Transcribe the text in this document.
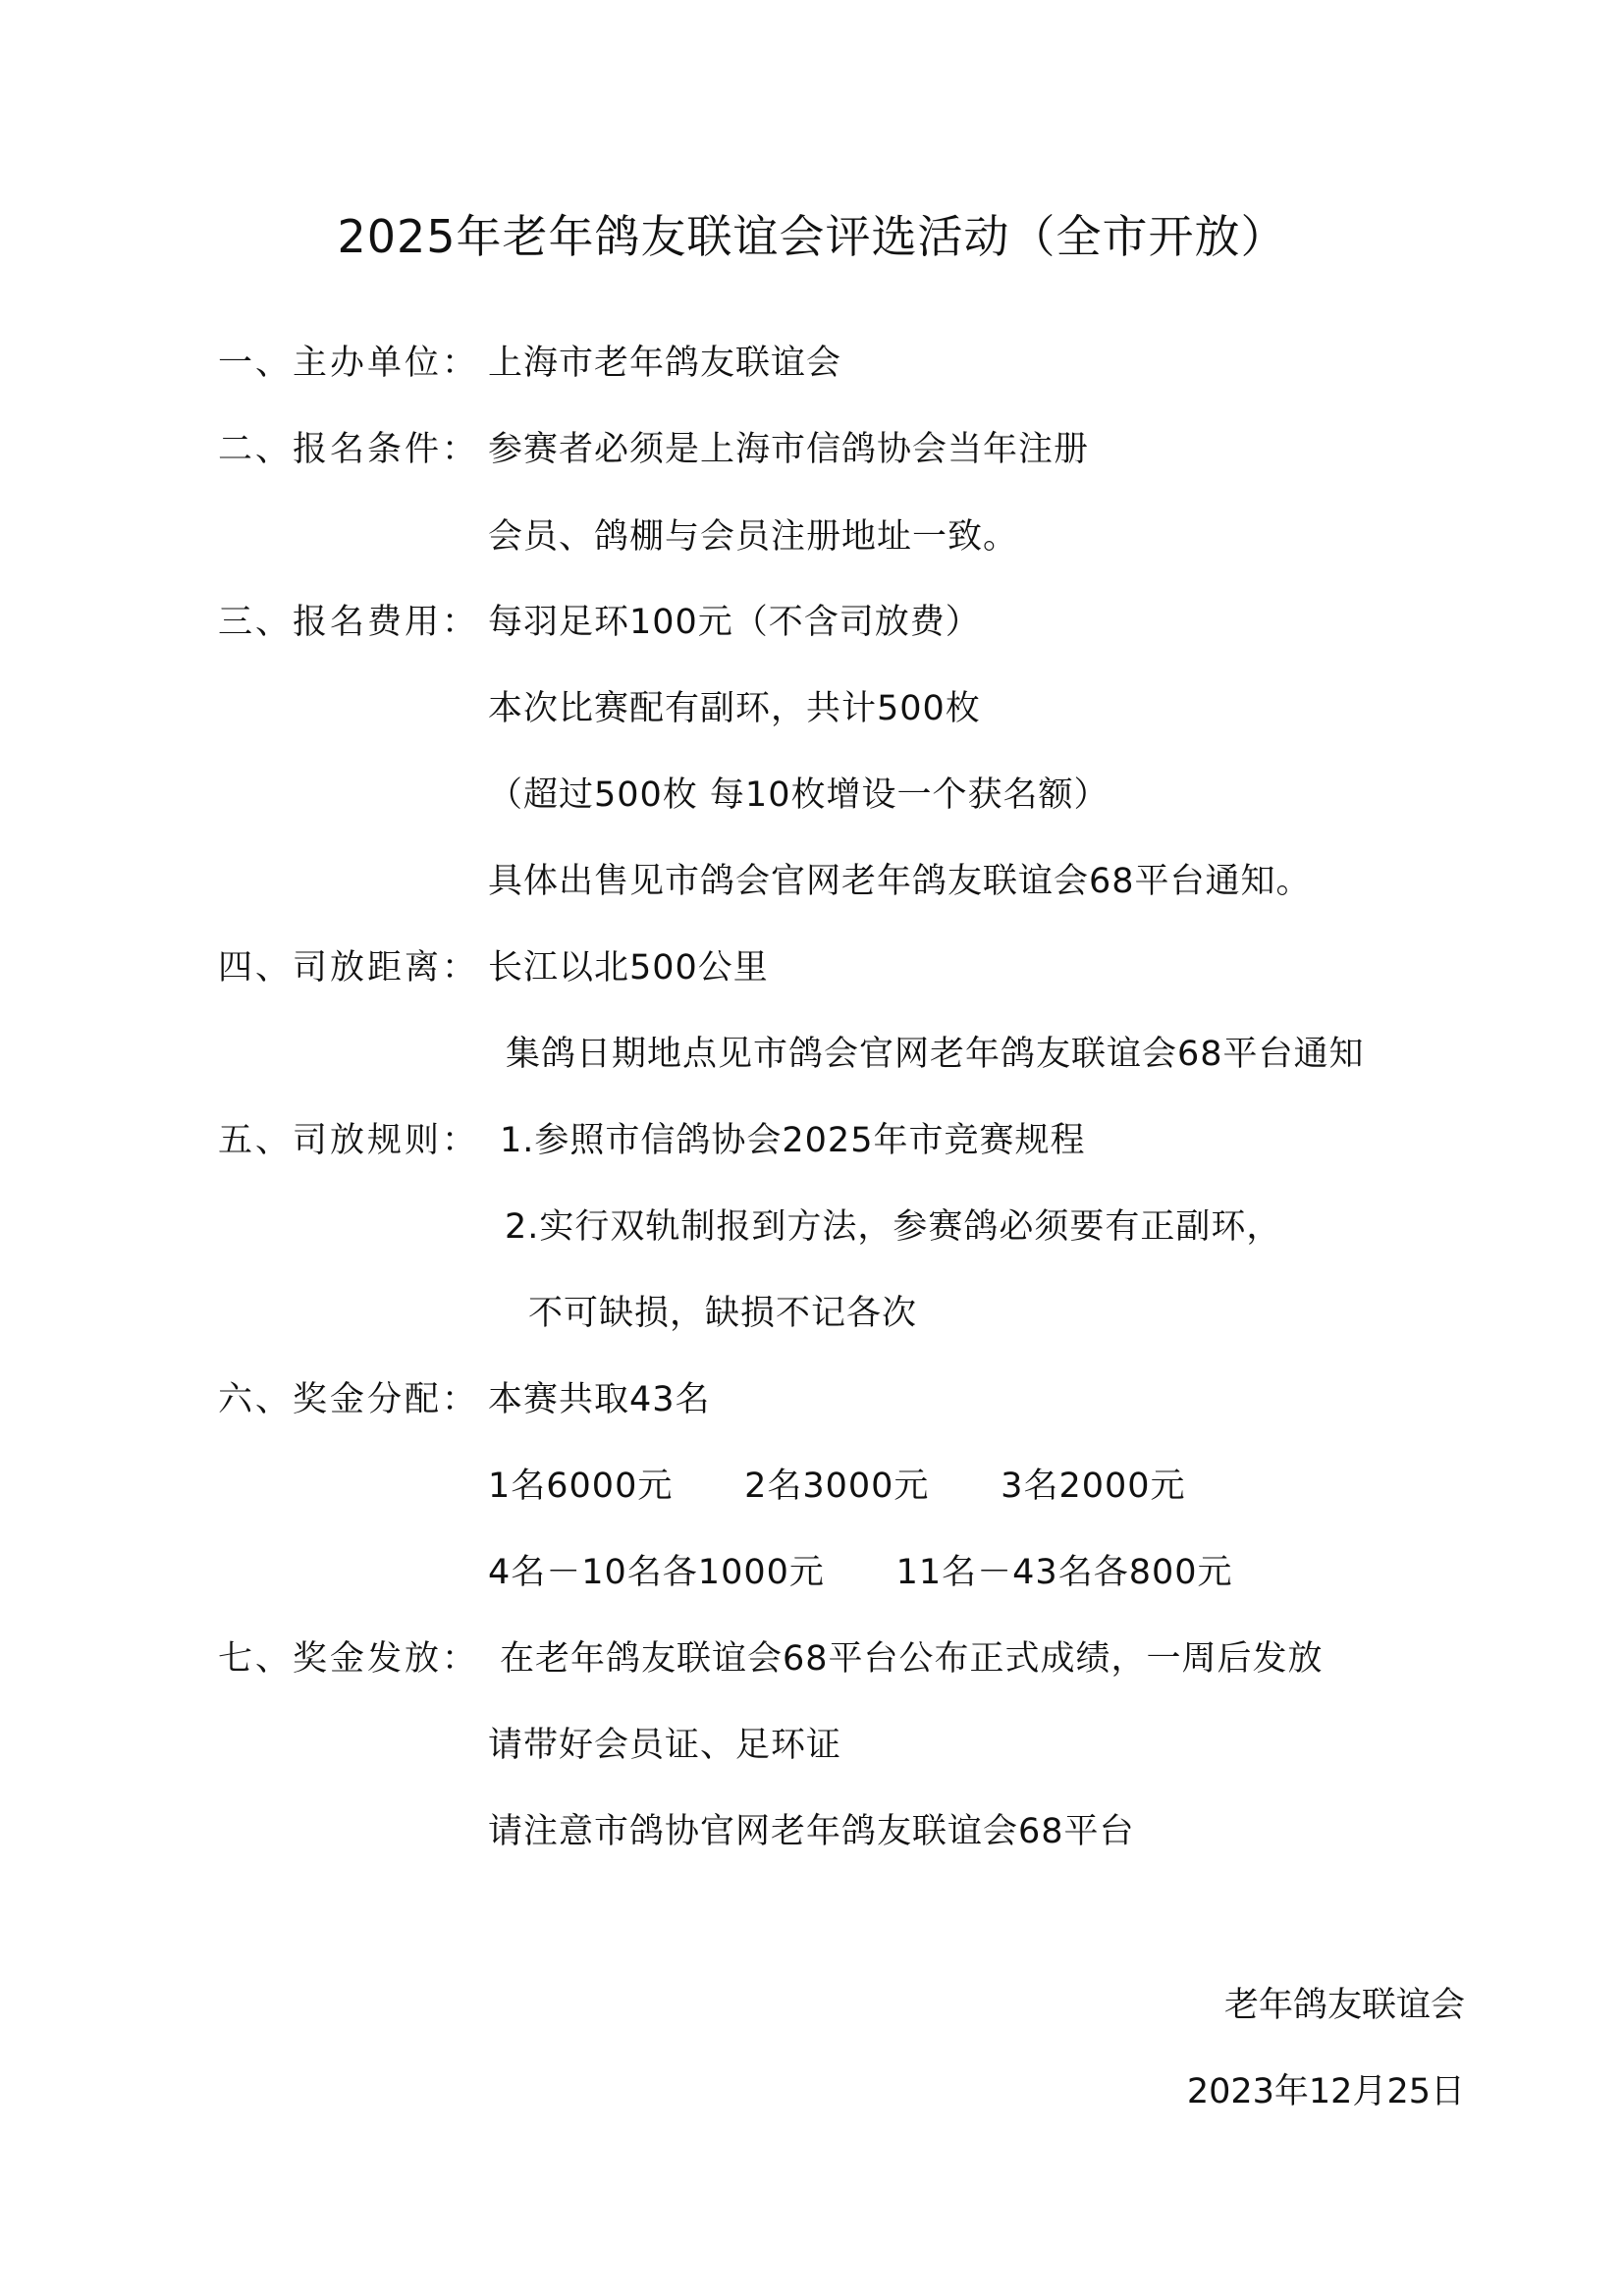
2025年老年鸽友联谊会评选活动（全市开放）
一、主办单位： 上海市老年鸽友联谊会
二、报名条件： 参赛者必须是上海市信鸽协会当年注册
会员、鸽棚与会员注册地址一致。
三、报名费用： 每羽足环100元（不含司放费）
本次比赛配有副环，共计500枚
（超过500枚 每10枚增设一个获名额）
具体出售见市鸽会官网老年鸽友联谊会68平台通知。
四、司放距离： 长江以北500公里
集鸽日期地点见市鸽会官网老年鸽友联谊会68平台通知
五、司放规则： 1.参照市信鸽协会2025年市竞赛规程
2.实行双轨制报到方法，参赛鸽必须要有正副环，
不可缺损，缺损不记各次
六、奖金分配： 本赛共取43名
1名6000元      2名3000元      3名2000元
4名－10名各1000元      11名－43名各800元
七、奖金发放： 在老年鸽友联谊会68平台公布正式成绩，一周后发放
请带好会员证、足环证
请注意市鸽协官网老年鸽友联谊会68平台
老年鸽友联谊会
2023年12月25日
